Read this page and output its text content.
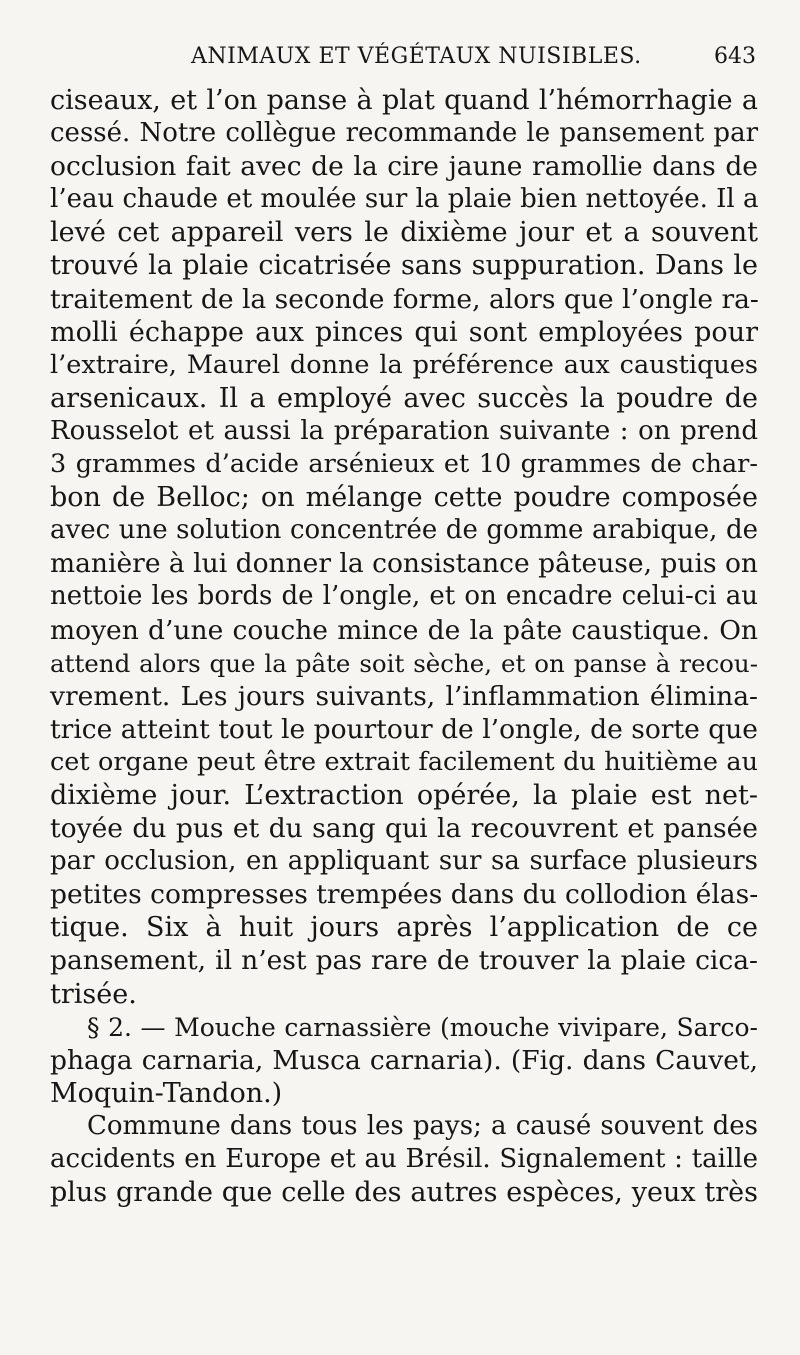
ANIMAUX ET VÉGÉTAUX NUISIBLES.	643
ciseaux, et l’on panse à plat quand l’hémorrhagie a
cessé. Notre collègue recommande le pansement par
occlusion fait avec de la cire jaune ramollie dans de
l’eau chaude et moulée sur la plaie bien nettoyée. Il a
levé cet appareil vers le dixième jour et a souvent
trouvé la plaie cicatrisée sans suppuration. Dans le
traitement de la seconde forme, alors que l’ongle ra-
molli échappe aux pinces qui sont employées pour
l’extraire, Maurel donne la préférence aux caustiques
arsenicaux. Il a employé avec succès la poudre de
Rousselot et aussi la préparation suivante : on prend
3 grammes d’acide arsénieux et 10 grammes de char-
bon de Belloc; on mélange cette poudre composée
avec une solution concentrée de gomme arabique, de
manière à lui donner la consistance pâteuse, puis on
nettoie les bords de l’ongle, et on encadre celui-ci au
moyen d’une couche mince de la pâte caustique. On
attend alors que la pâte soit sèche, et on panse à recou-
vrement. Les jours suivants, l’inflammation élimina-
trice atteint tout le pourtour de l’ongle, de sorte que
cet organe peut être extrait facilement du huitième au
dixième jour. L’extraction opérée, la plaie est net-
toyée du pus et du sang qui la recouvrent et pansée
par occlusion, en appliquant sur sa surface plusieurs
petites compresses trempées dans du collodion élas-
tique. Six à huit jours après l’application de ce
pansement, il n’est pas rare de trouver la plaie cica-
trisée.
§ 2. — Mouche carnassière (mouche vivipare, Sarco-
phaga carnaria, Musca carnaria). (Fig. dans Cauvet,
Moquin-Tandon.)
Commune dans tous les pays; a causé souvent des
accidents en Europe et au Brésil. Signalement : taille
plus grande que celle des autres espèces, yeux très
